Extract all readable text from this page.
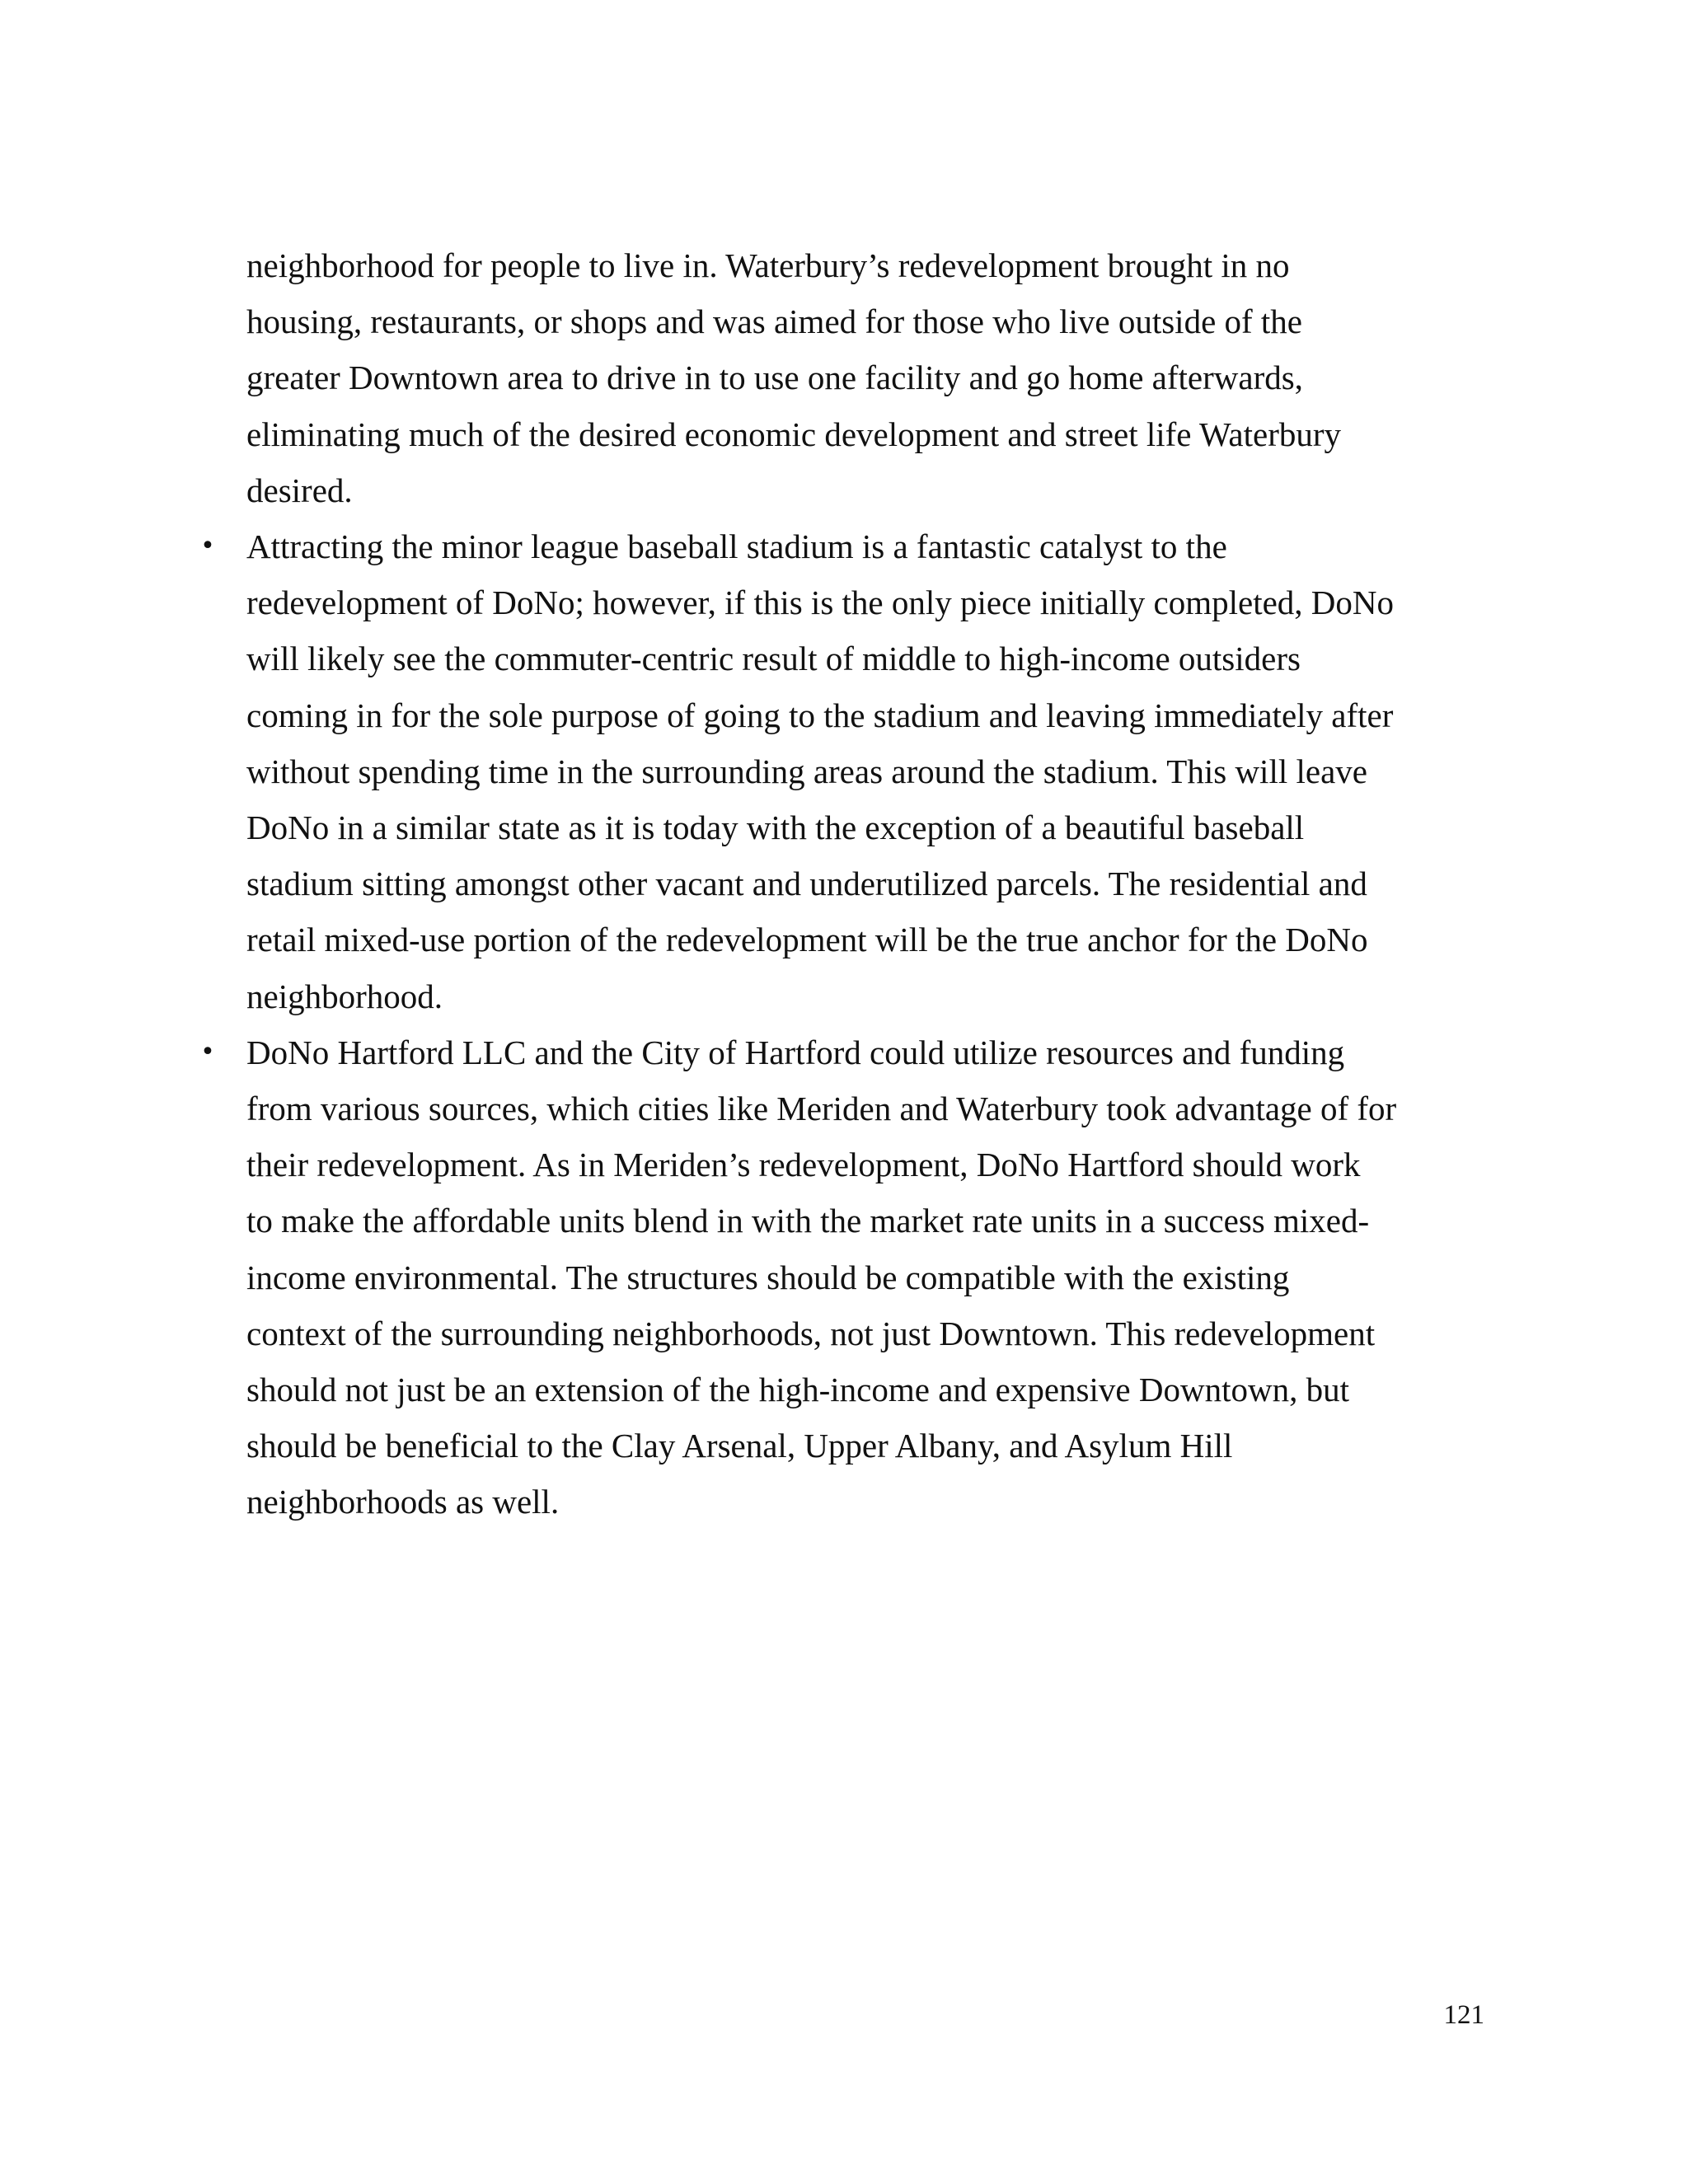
neighborhood for people to live in. Waterbury’s redevelopment brought in no
housing, restaurants, or shops and was aimed for those who live outside of the
greater Downtown area to drive in to use one facility and go home afterwards,
eliminating much of the desired economic development and street life Waterbury
desired.

• Attracting the minor league baseball stadium is a fantastic catalyst to the
redevelopment of DoNo; however, if this is the only piece initially completed, DoNo
will likely see the commuter-centric result of middle to high-income outsiders
coming in for the sole purpose of going to the stadium and leaving immediately after
without spending time in the surrounding areas around the stadium. This will leave
DoNo in a similar state as it is today with the exception of a beautiful baseball
stadium sitting amongst other vacant and underutilized parcels. The residential and
retail mixed-use portion of the redevelopment will be the true anchor for the DoNo
neighborhood.
• DoNo Hartford LLC and the City of Hartford could utilize resources and funding
from various sources, which cities like Meriden and Waterbury took advantage of for
their redevelopment. As in Meriden’s redevelopment, DoNo Hartford should work
to make the affordable units blend in with the market rate units in a success mixed-
income environmental. The structures should be compatible with the existing
context of the surrounding neighborhoods, not just Downtown. This redevelopment
should not just be an extension of the high-income and expensive Downtown, but
should be beneficial to the Clay Arsenal, Upper Albany, and Asylum Hill
neighborhoods as well.
121
